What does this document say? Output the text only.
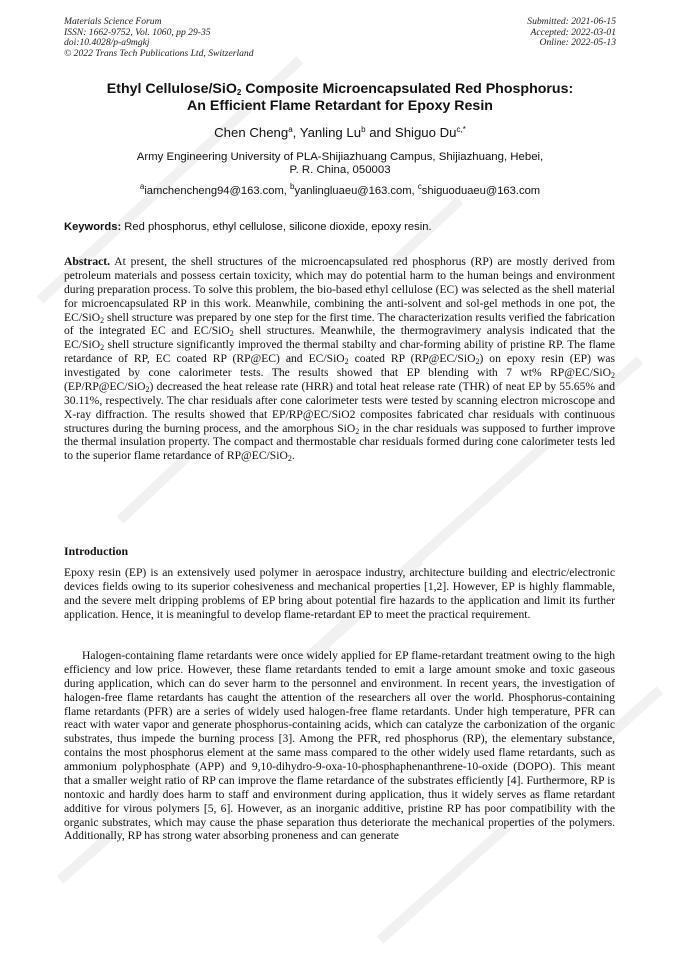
Materials Science Forum
ISSN: 1662-9752, Vol. 1060, pp 29-35
doi:10.4028/p-a9mgkj
© 2022 Trans Tech Publications Ltd, Switzerland
Submitted: 2021-06-15
Accepted: 2022-03-01
Online: 2022-05-13
Ethyl Cellulose/SiO$_2$ Composite Microencapsulated Red Phosphorus:
An Efficient Flame Retardant for Epoxy Resin
Chen Cheng$^a$, Yanling Lu$^b$ and Shiguo $Du^{c,*}$
Army Engineering University of PLA-Shijiazhuang Campus, Shijiazhuang, Hebei,
P. R. China, 050003
$^a$iamchencheng94@163.com, $^b$yanlingluaeu@163.com, $^c$shiguoduaeu@163.com
Keywords: Red phosphorus, ethyl cellulose, silicone dioxide, epoxy resin.
Abstract. At present, the shell structures of the microencapsulated red phosphorus (RP) are mostly derived from petroleum materials and possess certain toxicity, which may do potential harm to the human beings and environment during preparation process. To solve this problem, the bio-based ethyl cellulose (EC) was selected as the shell material for microencapsulated RP in this work. Meanwhile, combining the anti-solvent and sol-gel methods in one pot, the EC/SiO$_2$ shell structure was prepared by one step for the first time. The characterization results verified the fabrication of the integrated EC and EC/SiO$_2$ shell structures. Meanwhile, the thermogravimery analysis indicated that the EC/SiO$_2$ shell structure significantly improved the thermal stabilty and char-forming ability of pristine RP. The flame retardance of RP, EC coated RP (RP@EC) and EC/SiO$_2$ coated RP (RP@EC/SiO$_2$) on epoxy resin (EP) was investigated by cone calorimeter tests. The results showed that EP blending with 7 wt% RP@EC/SiO$_2$ (EP/RP@EC/SiO$_2$) decreased the heat release rate (HRR) and total heat release rate (THR) of neat EP by 55.65% and 30.11%, respectively. The char residuals after cone calorimeter tests were tested by scanning electron microscope and X-ray diffraction. The results showed that EP/RP@EC/SiO2 composites fabricated char residuals with continuous structures during the burning process, and the amorphous SiO$_2$ in the char residuals was supposed to further improve the thermal insulation property. The compact and thermostable char residuals formed during cone calorimeter tests led to the superior flame retardance of RP@EC/SiO$_2$.
Introduction
Epoxy resin (EP) is an extensively used polymer in aerospace industry, architecture building and electric/electronic devices fields owing to its superior cohesiveness and mechanical properties [1,2]. However, EP is highly flammable, and the severe melt dripping problems of EP bring about potential fire hazards to the application and limit its further application. Hence, it is meaningful to develop flame-retardant EP to meet the practical requirement.
Halogen-containing flame retardants were once widely applied for EP flame-retardant treatment owing to the high efficiency and low price. However, these flame retardants tended to emit a large amount smoke and toxic gaseous during application, which can do sever harm to the personnel and environment. In recent years, the investigation of halogen-free flame retardants has caught the attention of the researchers all over the world. Phosphorus-containing flame retardants (PFR) are a series of widely used halogen-free flame retardants. Under high temperature, PFR can react with water vapor and generate phosphorus-containing acids, which can catalyze the carbonization of the organic substrates, thus impede the burning process [3]. Among the PFR, red phosphorus (RP), the elementary substance, contains the most phosphorus element at the same mass compared to the other widely used flame retardants, such as ammonium polyphosphate (APP) and 9,10-dihydro-9-oxa-10-phosphaphenanthrene-10-oxide (DOPO). This meant that a smaller weight ratio of RP can improve the flame retardance of the substrates efficiently [4]. Furthermore, RP is nontoxic and hardly does harm to staff and environment during application, thus it widely serves as flame retardant additive for virous polymers [5, 6]. However, as an inorganic additive, pristine RP has poor compatibility with the organic substrates, which may cause the phase separation thus deteriorate the mechanical properties of the polymers. Additionally, RP has strong water absorbing proneness and can generate
